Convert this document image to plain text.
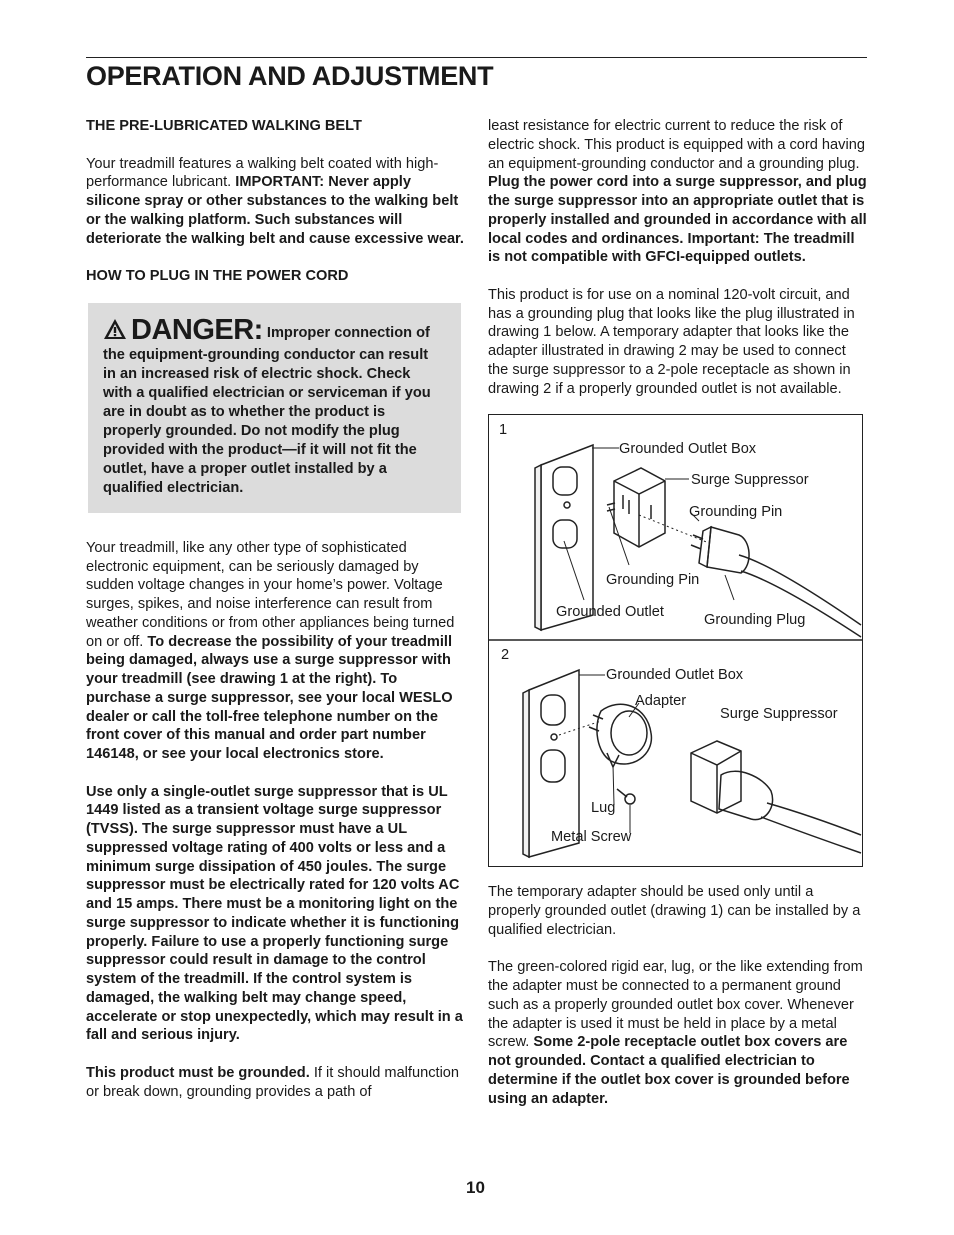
OPERATION AND ADJUSTMENT
THE PRE-LUBRICATED WALKING BELT

Your treadmill features a walking belt coated with high-performance lubricant. IMPORTANT: Never apply silicone spray or other substances to the walking belt or the walking platform. Such substances will deteriorate the walking belt and cause excessive wear.

HOW TO PLUG IN THE POWER CORD
DANGER: Improper connection of the equipment-grounding conductor can result in an increased risk of electric shock. Check with a qualified electrician or serviceman if you are in doubt as to whether the product is properly grounded. Do not modify the plug provided with the product—if it will not fit the outlet, have a proper outlet installed by a qualified electrician.

Your treadmill, like any other type of sophisticated electronic equipment, can be seriously damaged by sudden voltage changes in your home’s power. Voltage surges, spikes, and noise interference can result from weather conditions or from other appliances being turned on or off. To decrease the possibility of your treadmill being damaged, always use a surge suppressor with your treadmill (see drawing 1 at the right). To purchase a surge suppressor, see your local WESLO dealer or call the toll-free telephone number on the front cover of this manual and order part number 146148, or see your local electronics store.

Use only a single-outlet surge suppressor that is UL 1449 listed as a transient voltage surge suppressor (TVSS). The surge suppressor must have a UL suppressed voltage rating of 400 volts or less and a minimum surge dissipation of 450 joules. The surge suppressor must be electrically rated for 120 volts AC and 15 amps. There must be a monitoring light on the surge suppressor to indicate whether it is functioning properly. Failure to use a properly functioning surge suppressor could result in damage to the control system of the treadmill. If the control system is damaged, the walking belt may change speed, accelerate or stop unexpectedly, which may result in a fall and serious injury.

This product must be grounded. If it should malfunction or break down, grounding provides a path of

least resistance for electric current to reduce the risk of electric shock. This product is equipped with a cord having an equipment-grounding conductor and a grounding plug. Plug the power cord into a surge suppressor, and plug the surge suppressor into an appropriate outlet that is properly installed and grounded in accordance with all local codes and ordinances. Important: The treadmill is not compatible with GFCI-equipped outlets.

This product is for use on a nominal 120-volt circuit, and has a grounding plug that looks like the plug illustrated in drawing 1 below. A temporary adapter that looks like the adapter illustrated in drawing 2 may be used to connect the surge suppressor to a 2-pole receptacle as shown in drawing 2 if a properly grounded outlet is not available.

1
Grounded Outlet Box
Surge Suppressor
Grounding Pin
Grounding Pin
Grounded Outlet	Grounding Plug
2
Grounded Outlet Box
Adapter
Surge Suppressor
Lug
Metal Screw

The temporary adapter should be used only until a properly grounded outlet (drawing 1) can be installed by a qualified electrician.

The green-colored rigid ear, lug, or the like extending from the adapter must be connected to a permanent ground such as a properly grounded outlet box cover. Whenever the adapter is used it must be held in place by a metal screw. Some 2-pole receptacle outlet box covers are not grounded. Contact a qualified electrician to determine if the outlet box cover is grounded before using an adapter.

10
